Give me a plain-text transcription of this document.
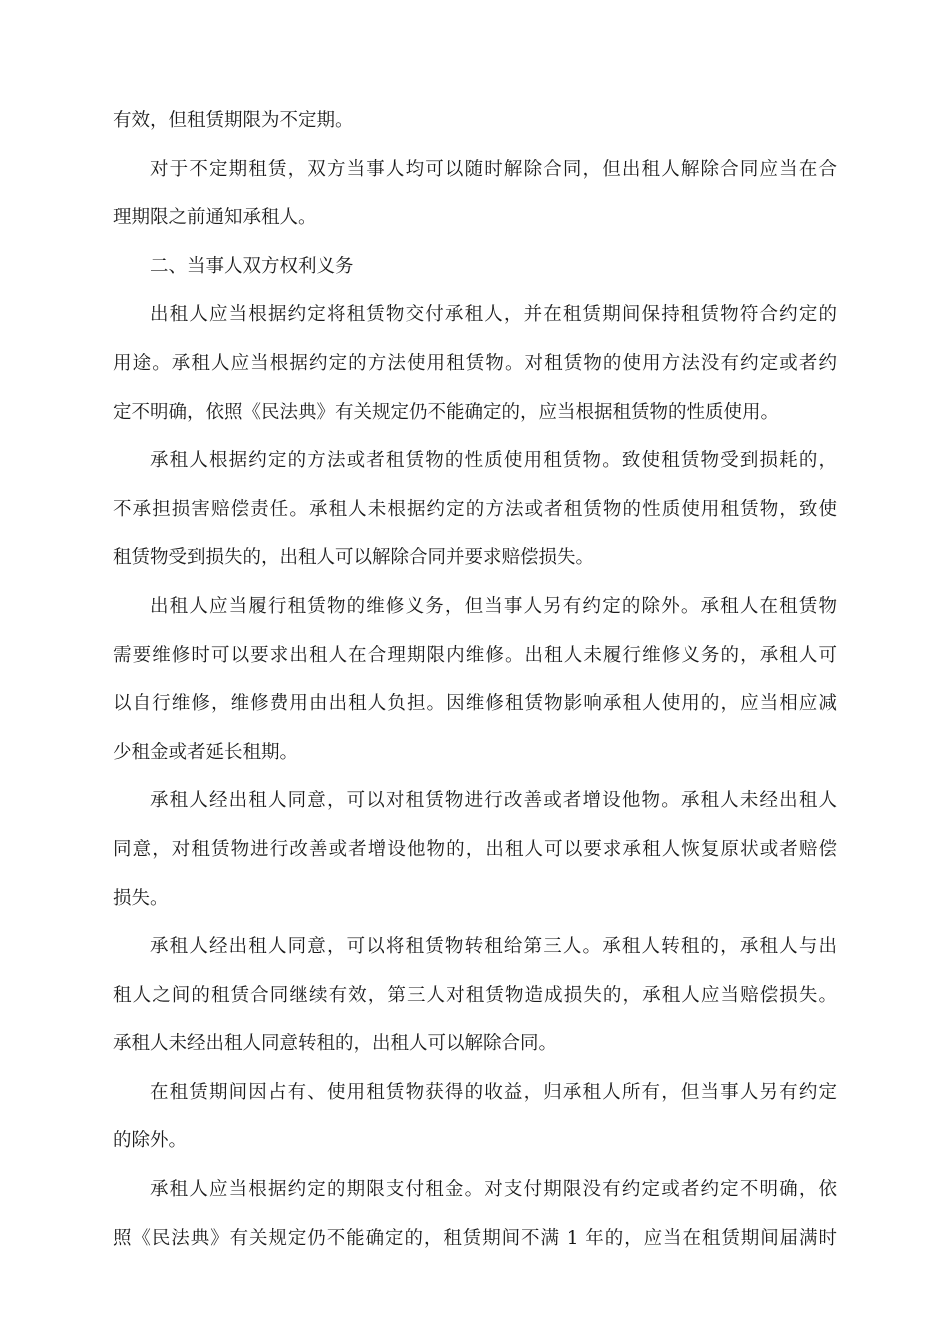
有效，但租赁期限为不定期。
对于不定期租赁，双方当事人均可以随时解除合同，但出租人解除合同应当在合
理期限之前通知承租人。
二、当事人双方权利义务
出租人应当根据约定将租赁物交付承租人，并在租赁期间保持租赁物符合约定的
用途。承租人应当根据约定的方法使用租赁物。对租赁物的使用方法没有约定或者约
定不明确，依照《民法典》有关规定仍不能确定的，应当根据租赁物的性质使用。
承租人根据约定的方法或者租赁物的性质使用租赁物。致使租赁物受到损耗的，
不承担损害赔偿责任。承租人未根据约定的方法或者租赁物的性质使用租赁物，致使
租赁物受到损失的，出租人可以解除合同并要求赔偿损失。
出租人应当履行租赁物的维修义务，但当事人另有约定的除外。承租人在租赁物
需要维修时可以要求出租人在合理期限内维修。出租人未履行维修义务的，承租人可
以自行维修，维修费用由出租人负担。因维修租赁物影响承租人使用的，应当相应减
少租金或者延长租期。
承租人经出租人同意，可以对租赁物进行改善或者增设他物。承租人未经出租人
同意，对租赁物进行改善或者增设他物的，出租人可以要求承租人恢复原状或者赔偿
损失。
承租人经出租人同意，可以将租赁物转租给第三人。承租人转租的，承租人与出
租人之间的租赁合同继续有效，第三人对租赁物造成损失的，承租人应当赔偿损失。
承租人未经出租人同意转租的，出租人可以解除合同。
在租赁期间因占有、使用租赁物获得的收益，归承租人所有，但当事人另有约定
的除外。
承租人应当根据约定的期限支付租金。对支付期限没有约定或者约定不明确，依
照《民法典》有关规定仍不能确定的，租赁期间不满 1 年的，应当在租赁期间届满时
